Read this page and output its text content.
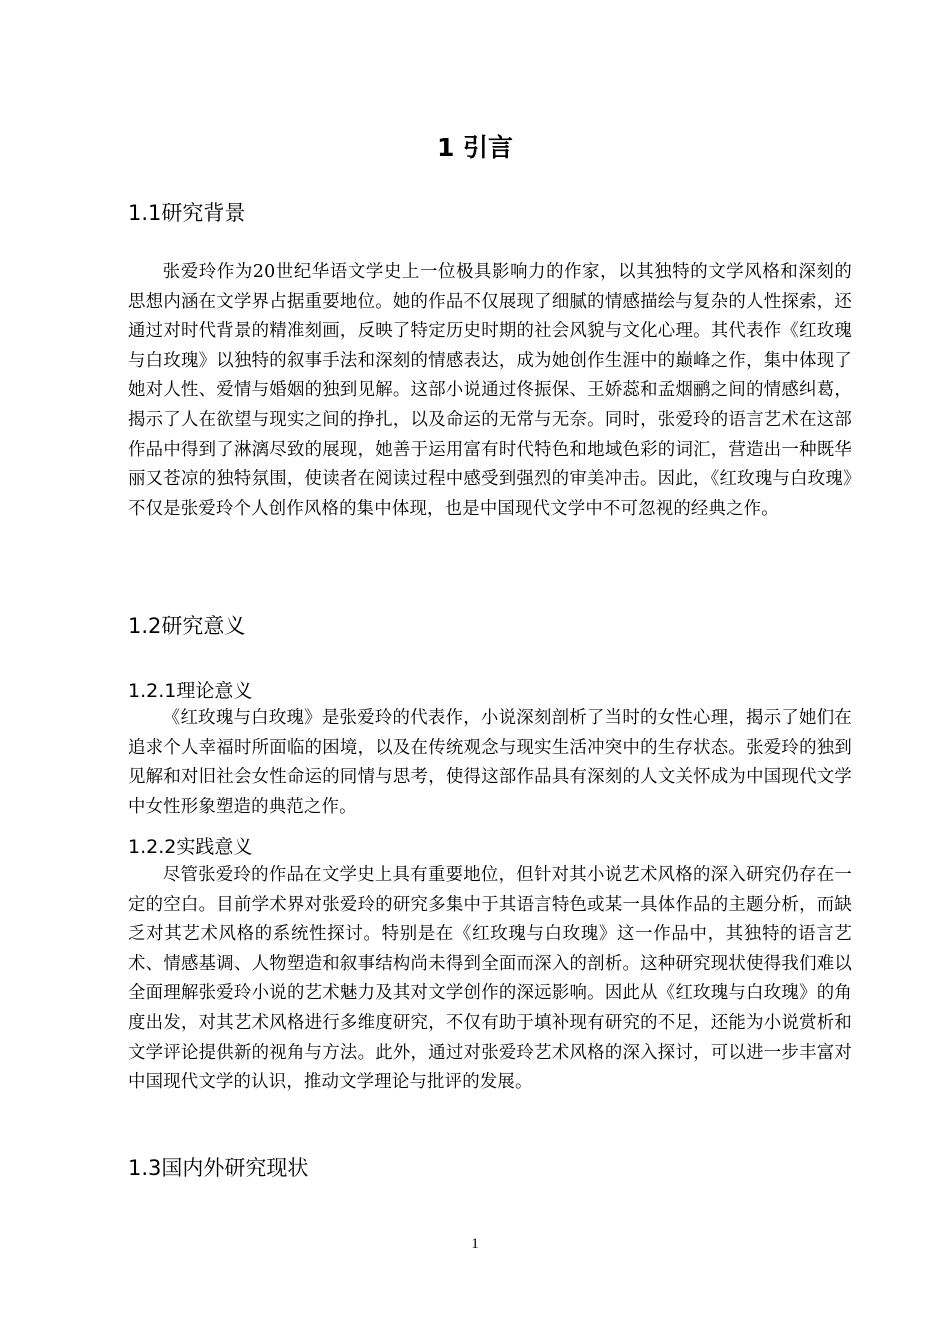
1 引言
1.1研究背景

张爱玲作为20世纪华语文学史上一位极具影响力的作家，以其独特的文学风格和深刻的思想内涵在文学界占据重要地位。她的作品不仅展现了细腻的情感描绘与复杂的人性探索，还通过对时代背景的精准刻画，反映了特定历史时期的社会风貌与文化心理。其代表作《红玫瑰与白玫瑰》以独特的叙事手法和深刻的情感表达，成为她创作生涯中的巅峰之作，集中体现了她对人性、爱情与婚姻的独到见解。这部小说通过佟振保、王娇蕊和孟烟鹂之间的情感纠葛，揭示了人在欲望与现实之间的挣扎，以及命运的无常与无奈。同时，张爱玲的语言艺术在这部作品中得到了淋漓尽致的展现，她善于运用富有时代特色和地域色彩的词汇，营造出一种既华丽又苍凉的独特氛围，使读者在阅读过程中感受到强烈的审美冲击。因此，《红玫瑰与白玫瑰》不仅是张爱玲个人创作风格的集中体现，也是中国现代文学中不可忽视的经典之作。

1.2研究意义
1.2.1理论意义

《红玫瑰与白玫瑰》是张爱玲的代表作，小说深刻剖析了当时的女性心理，揭示了她们在追求个人幸福时所面临的困境，以及在传统观念与现实生活冲突中的生存状态。张爱玲的独到见解和对旧社会女性命运的同情与思考，使得这部作品具有深刻的人文关怀成为中国现代文学中女性形象塑造的典范之作。

1.2.2实践意义

尽管张爱玲的作品在文学史上具有重要地位，但针对其小说艺术风格的深入研究仍存在一定的空白。目前学术界对张爱玲的研究多集中于其语言特色或某一具体作品的主题分析，而缺乏对其艺术风格的系统性探讨。特别是在《红玫瑰与白玫瑰》这一作品中，其独特的语言艺术、情感基调、人物塑造和叙事结构尚未得到全面而深入的剖析。这种研究现状使得我们难以全面理解张爱玲小说的艺术魅力及其对文学创作的深远影响。因此从《红玫瑰与白玫瑰》的角度出发，对其艺术风格进行多维度研究，不仅有助于填补现有研究的不足，还能为小说赏析和文学评论提供新的视角与方法。此外，通过对张爱玲艺术风格的深入探讨，可以进一步丰富对中国现代文学的认识，推动文学理论与批评的发展。

1.3国内外研究现状
1
